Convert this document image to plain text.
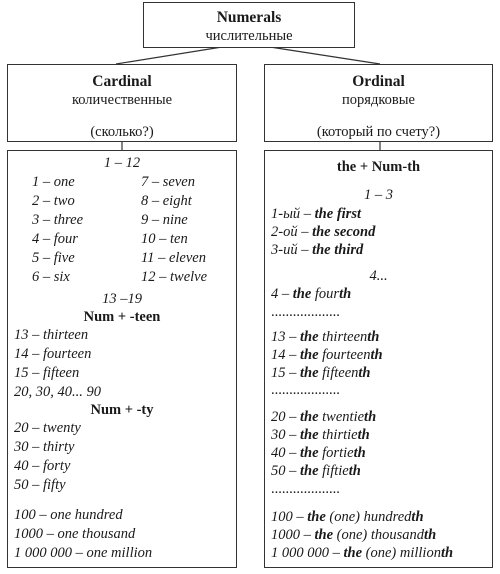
Numerals
числительные
Cardinal
количественные
(сколько?)
Ordinal
порядковые
(который по счету?)
1 – 12
1 – one
2 – two
3 – three
4 – four
5 – five
6 – six
7 – seven
8 – eight
9 – nine
10 – ten
11 – eleven
12 – twelve
13 –19
Num + -teen
13 – thirteen
14 – fourteen
15 – fifteen
20, 30, 40... 90
Num + -ty
20 – twenty
30 – thirty
40 – forty
50 – fifty
100 – one hundred
1000 – one thousand
1 000 000 – one million
the + Num-th
1 – 3
1-ый – the first
2-ой – the second
3-ий – the third
4...
4 – the fourth
...................
13 – the thirteenth
14 – the fourteenth
15 – the fifteenth
...................
20 – the twentieth
30 – the thirtieth
40 – the fortieth
50 – the fiftieth
...................
100 – the (one) hundredth
1000 – the (one) thousandth
1 000 000 – the (one) millionth
